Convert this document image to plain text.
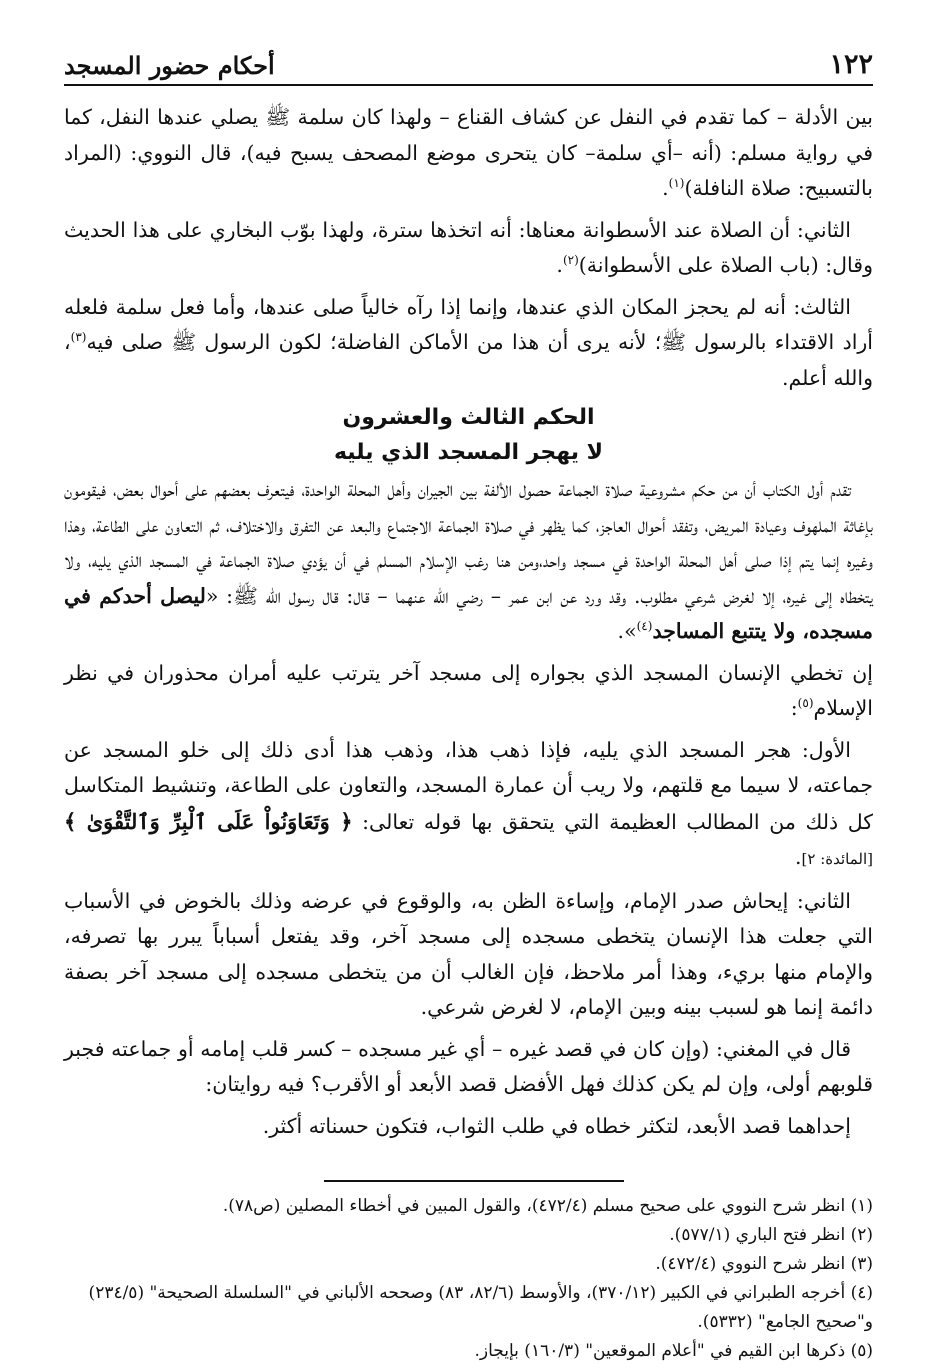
١٢٢
أحكام حضور المسجد

بين الأدلة – كما تقدم في النفل عن كشاف القناع – ولهذا كان سلمة ﷺ يصلي عندها النفل، كما في رواية مسلم: (أنه –أي سلمة– كان يتحرى موضع المصحف يسبح فيه)، قال النووي: (المراد بالتسبيح: صلاة النافلة)$^{(١)}$.

الثاني: أن الصلاة عند الأسطوانة معناها: أنه اتخذها سترة، ولهذا بوّب البخاري على هذا الحديث وقال: (باب الصلاة على الأسطوانة)$^{(٢)}$.

الثالث: أنه لم يحجز المكان الذي عندها، وإنما إذا رآه خالياً صلى عندها، وأما فعل سلمة فلعله أراد الاقتداء بالرسول ﷺ؛ لأنه يرى أن هذا من الأماكن الفاضلة؛ لكون الرسول ﷺ صلى فيه$^{(٣)}$، والله أعلم.

الحكم الثالث والعشرون
لا يهجر المسجد الذي يليه

تقدم أول الكتاب أن من حكم مشروعية صلاة الجماعة حصول الألفة بين الجيران وأهل المحلة الواحدة، فيتعرف بعضهم على أحوال بعض، فيقومون بإغاثة الملهوف وعيادة المريض، وتفقد أحوال العاجز، كما يظهر في صلاة الجماعة الاجتماع والبعد عن التفرق والاختلاف، ثم التعاون على الطاعة، وهذا وغيره إنما يتم إذا صلى أهل المحلة الواحدة في مسجد واحد،ومن هنا رغب الإسلام المسلم في أن يؤدي صلاة الجماعة في المسجد الذي يليه، ولا يتخطاه إلى غيره، إلا لغرض شرعي مطلوب. وقد ورد عن ابن عمر – رضي الله عنهما – قال: قال رسول الله ﷺ: «ليصل أحدكم في مسجده، ولا يتتبع المساجد$^{(٤)}$».

إن تخطي الإنسان المسجد الذي بجواره إلى مسجد آخر يترتب عليه أمران محذوران في نظر الإسلام$^{(٥)}$:

الأول: هجر المسجد الذي يليه، فإذا ذهب هذا، وذهب هذا أدى ذلك إلى خلو المسجد عن جماعته، لا سيما مع قلتهم، ولا ريب أن عمارة المسجد، والتعاون على الطاعة، وتنشيط المتكاسل كل ذلك من المطالب العظيمة التي يتحقق بها قوله تعالى: ﴿ وَتَعَاوَنُواْ عَلَى ٱلْبِرِّ وَٱلتَّقْوَىٰ ﴾[المائدة: ٢].

الثاني: إيحاش صدر الإمام، وإساءة الظن به، والوقوع في عرضه وذلك بالخوض في الأسباب التي جعلت هذا الإنسان يتخطى مسجده إلى مسجد آخر، وقد يفتعل أسباباً يبرر بها تصرفه، والإمام منها بريء، وهذا أمر ملاحظ، فإن الغالب أن من يتخطى مسجده إلى مسجد آخر بصفة دائمة إنما هو لسبب بينه وبين الإمام، لا لغرض شرعي.

قال في المغني: (وإن كان في قصد غيره – أي غير مسجده – كسر قلب إمامه أو جماعته فجبر قلوبهم أولى، وإن لم يكن كذلك فهل الأفضل قصد الأبعد أو الأقرب؟ فيه روايتان:

إحداهما قصد الأبعد، لتكثر خطاه في طلب الثواب، فتكون حسناته أكثر.

(١) انظر شرح النووي على صحيح مسلم (٤٧٢/٤)، والقول المبين في أخطاء المصلين (ص٧٨).

(٢) انظر فتح الباري (٥٧٧/١).

(٣) انظر شرح النووي (٤٧٢/٤).

(٤) أخرجه الطبراني في الكبير (٣٧٠/١٢)، والأوسط (٨٢/٦، ٨٣) وصححه الألباني في "السلسلة الصحيحة" (٢٣٤/٥) و"صحيح الجامع" (٥٣٣٢).

(٥) ذكرها ابن القيم في "أعلام الموقعين" (١٦٠/٣) بإيجاز.
